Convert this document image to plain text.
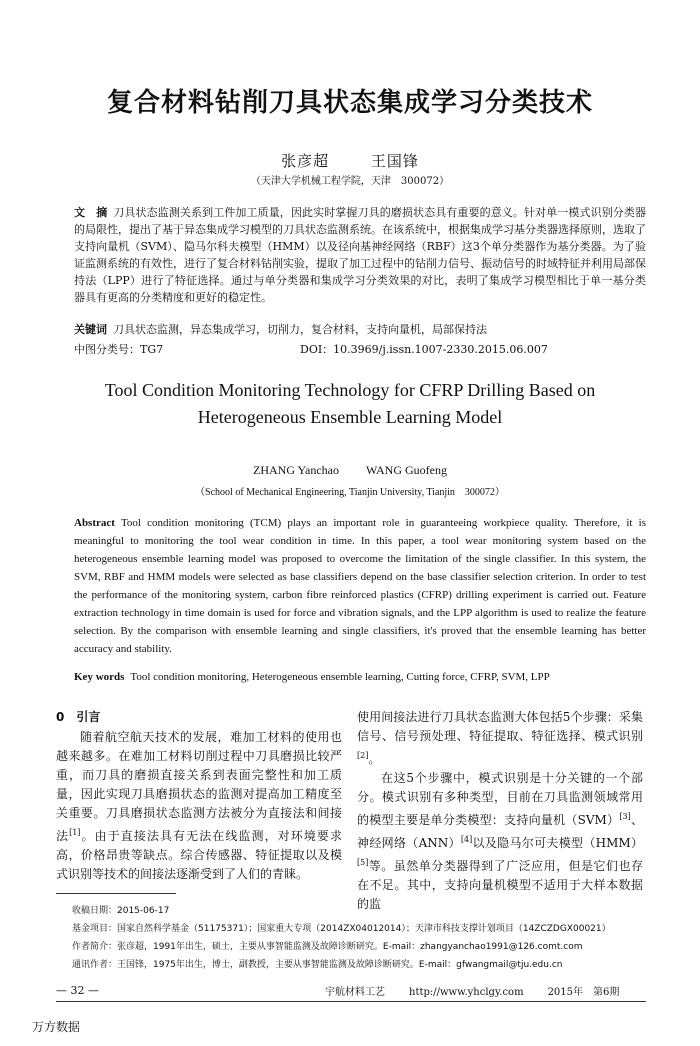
复合材料钻削刀具状态集成学习分类技术
张彦超	王国锋
（天津大学机械工程学院，天津　300072）
文　摘 刀具状态监测关系到工件加工质量，因此实时掌握刀具的磨损状态具有重要的意义。针对单一模式识别分类器的局限性，提出了基于异态集成学习模型的刀具状态监测系统。在该系统中，根据集成学习基分类器选择原则，选取了支持向量机（SVM）、隐马尔科夫模型（HMM）以及径向基神经网络（RBF）这3个单分类器作为基分类器。为了验证监测系统的有效性，进行了复合材料钻削实验，提取了加工过程中的钻削力信号、振动信号的时域特征并利用局部保持法（LPP）进行了特征选择。通过与单分类器和集成学习分类效果的对比，表明了集成学习模型相比于单一基分类器具有更高的分类精度和更好的稳定性。
关键词 刀具状态监测，异态集成学习，切削力，复合材料，支持向量机，局部保持法
中图分类号：TG7	DOI：10.3969/j.issn.1007-2330.2015.06.007
Tool Condition Monitoring Technology for CFRP Drilling Based on
Heterogeneous Ensemble Learning Model
ZHANG Yanchao WANG Guofeng
（School of Mechanical Engineering, Tianjin University, Tianjin　300072）
Abstract Tool condition monitoring (TCM) plays an important role in guaranteeing workpiece quality. Therefore, it is meaningful to monitoring the tool wear condition in time. In this paper, a tool wear monitoring system based on the heterogeneous ensemble learning model was proposed to overcome the limitation of the single classifier. In this system, the SVM, RBF and HMM models were selected as base classifiers depend on the base classifier selection criterion. In order to test the performance of the monitoring system, carbon fibre reinforced plastics (CFRP) drilling experiment is carried out. Feature extraction technology in time domain is used for force and vibration signals, and the LPP algorithm is used to realize the feature selection. By the comparison with ensemble learning and single classifiers, it's proved that the ensemble learning has better accuracy and stability.
Key words Tool condition monitoring, Heterogeneous ensemble learning, Cutting force, CFRP, SVM, LPP
0　引言

随着航空航天技术的发展，难加工材料的使用也越来越多。在难加工材料切削过程中刀具磨损比较严重，而刀具的磨损直接关系到表面完整性和加工质量，因此实现刀具磨损状态的监测对提高加工精度至关重要。刀具磨损状态监测方法被分为直接法和间接法[1]。由于直接法具有无法在线监测，对环境要求高，价格昂贵等缺点。综合传感器、特征提取以及模式识别等技术的间接法逐渐受到了人们的青睐。

使用间接法进行刀具状态监测大体包括5个步骤：采集信号、信号预处理、特征提取、特征选择、模式识别[2]。

在这5个步骤中，模式识别是十分关键的一个部分。模式识别有多种类型，目前在刀具监测领域常用的模型主要是单分类模型：支持向量机（SVM）[3]、神经网络（ANN）[4]以及隐马尔可夫模型（HMM）[5]等。虽然单分类器得到了广泛应用，但是它们也存在不足。其中，支持向量机模型不适用于大样本数据的监

收稿日期：2015-06-17
基金项目：国家自然科学基金（51175371）；国家重大专项（2014ZX04012014）；天津市科技支撑计划项目（14ZCZDGX00021）
作者简介：张彦超，1991年出生，硕士，主要从事智能监测及故障诊断研究。E-mail：zhangyanchao1991@126.comt.com
通讯作者：王国锋，1975年出生，博士，副教授，主要从事智能监测及故障诊断研究。E-mail：gfwangmail@tju.edu.cn
— 32 —	宇航材料工艺 http://www.yhclgy.com 2015年　第6期
万方数据
